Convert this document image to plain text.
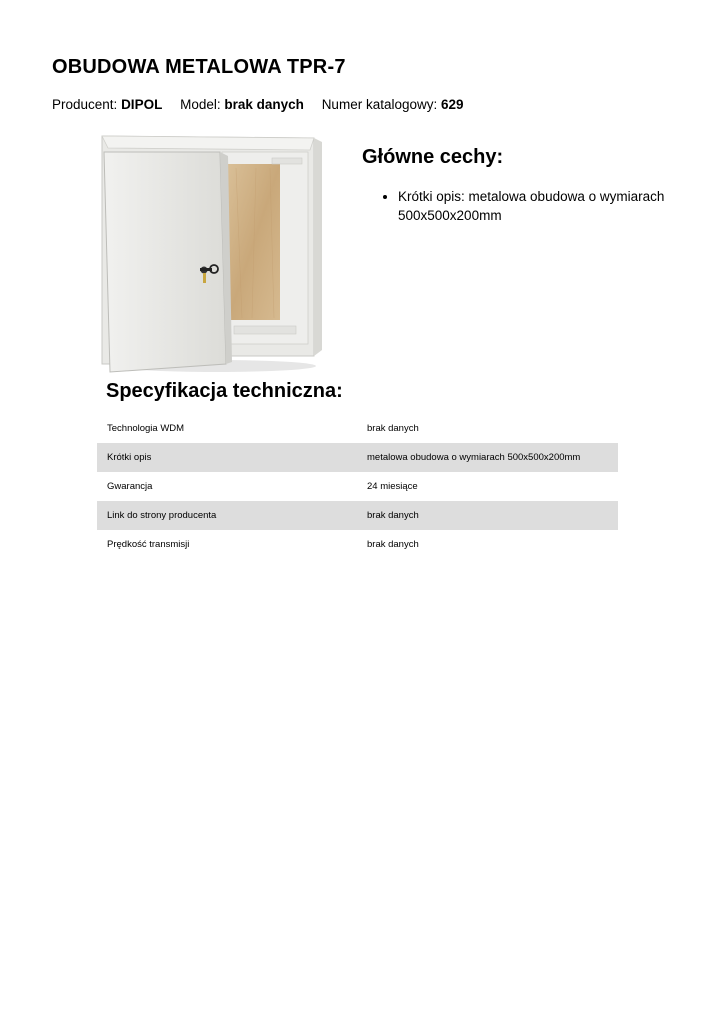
OBUDOWA METALOWA TPR-7
Producent: DIPOL Model: brak danych Numer katalogowy: 629
Główne cechy:
• Krótki opis: metalowa obudowa o wymiarach 500x500x200mm
Specyfikacja techniczna:
Technologia WDM	brak danych
Krótki opis	metalowa obudowa o wymiarach 500x500x200mm
Gwarancja	24 miesiące
Link do strony producenta	brak danych
Prędkość transmisji	brak danych
